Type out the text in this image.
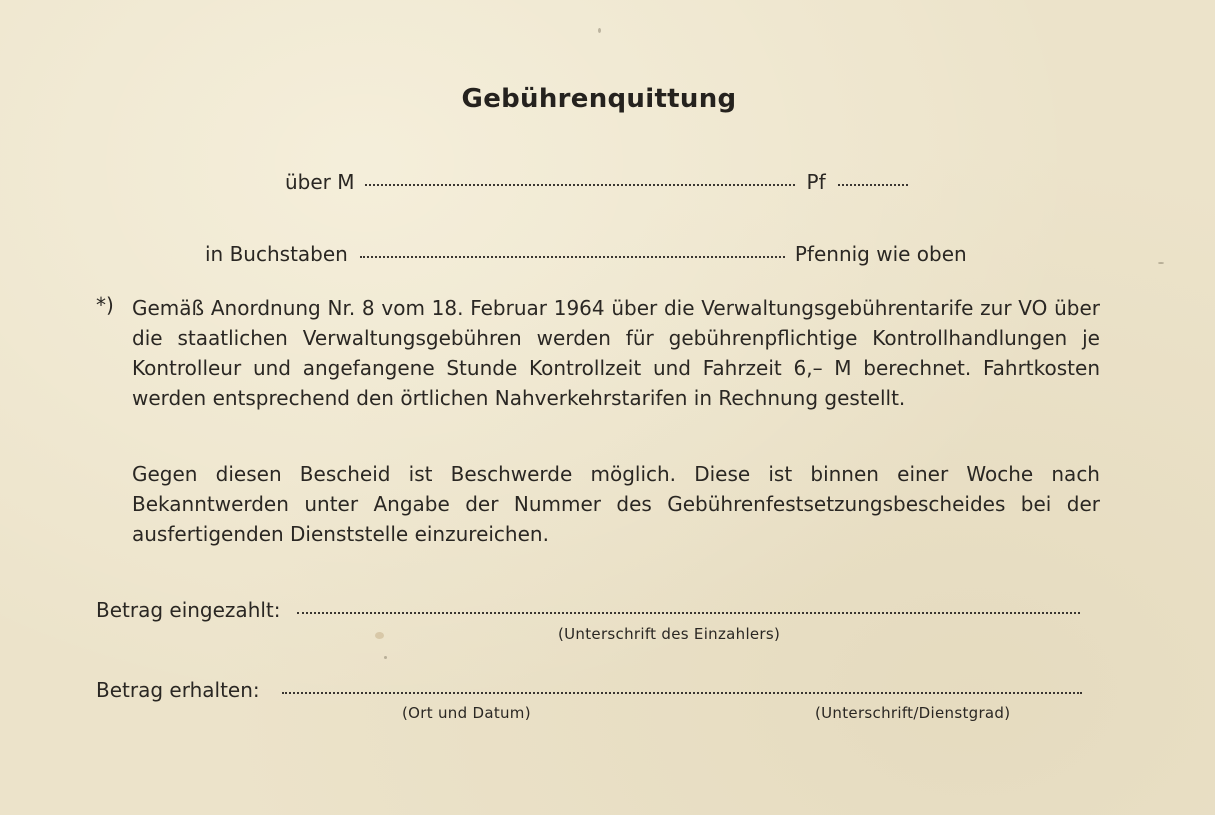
Gebührenquittung
über M	Pf
in Buchstaben	Pfennig wie oben
*) Gemäß Anordnung Nr. 8 vom 18. Februar 1964 über die Verwaltungsgebührentarife zur VO über die staatlichen Verwaltungsgebühren werden für gebührenpflichtige Kontrollhandlungen je Kontrolleur und angefangene Stunde Kontrollzeit und Fahrzeit 6,– M berechnet. Fahrtkosten werden entsprechend den örtlichen Nahverkehrstarifen in Rechnung gestellt.
Gegen diesen Bescheid ist Beschwerde möglich. Diese ist binnen einer Woche nach Bekanntwerden unter Angabe der Nummer des Gebührenfestsetzungsbescheides bei der ausfertigenden Dienststelle einzureichen.
Betrag eingezahlt:
(Unterschrift des Einzahlers)
Betrag erhalten:
(Ort und Datum)	(Unterschrift/Dienstgrad)
